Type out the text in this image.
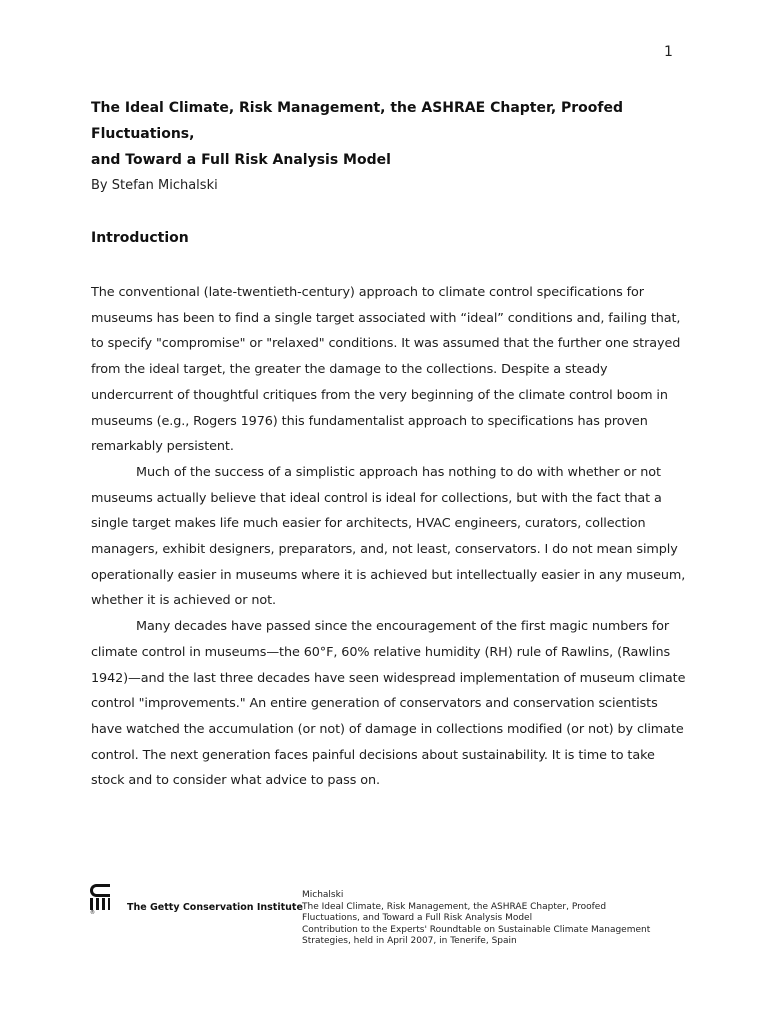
1
The Ideal Climate, Risk Management, the ASHRAE Chapter, Proofed Fluctuations,
and Toward a Full Risk Analysis Model
By Stefan Michalski
Introduction

The conventional (late-twentieth-century) approach to climate control specifications for museums has been to find a single target associated with “ideal” conditions and, failing that, to specify "compromise" or "relaxed" conditions. It was assumed that the further one strayed from the ideal target, the greater the damage to the collections. Despite a steady undercurrent of thoughtful critiques from the very beginning of the climate control boom in museums (e.g., Rogers 1976) this fundamentalist approach to specifications has proven remarkably persistent.

Much of the success of a simplistic approach has nothing to do with whether or not museums actually believe that ideal control is ideal for collections, but with the fact that a single target makes life much easier for architects, HVAC engineers, curators, collection managers, exhibit designers, preparators, and, not least, conservators. I do not mean simply operationally easier in museums where it is achieved but intellectually easier in any museum, whether it is achieved or not.

Many decades have passed since the encouragement of the first magic numbers for climate control in museums—the 60°F, 60% relative humidity (RH) rule of Rawlins, (Rawlins 1942)—and the last three decades have seen widespread implementation of museum climate control "improvements." An entire generation of conservators and conservation scientists have watched the accumulation (or not) of damage in collections modified (or not) by climate control. The next generation faces painful decisions about sustainability. It is time to take stock and to consider what advice to pass on.

®	The Getty Conservation Institute
Michalski
The Ideal Climate, Risk Management, the ASHRAE Chapter, Proofed
Fluctuations, and Toward a Full Risk Analysis Model
Contribution to the Experts' Roundtable on Sustainable Climate Management
Strategies, held in April 2007, in Tenerife, Spain
